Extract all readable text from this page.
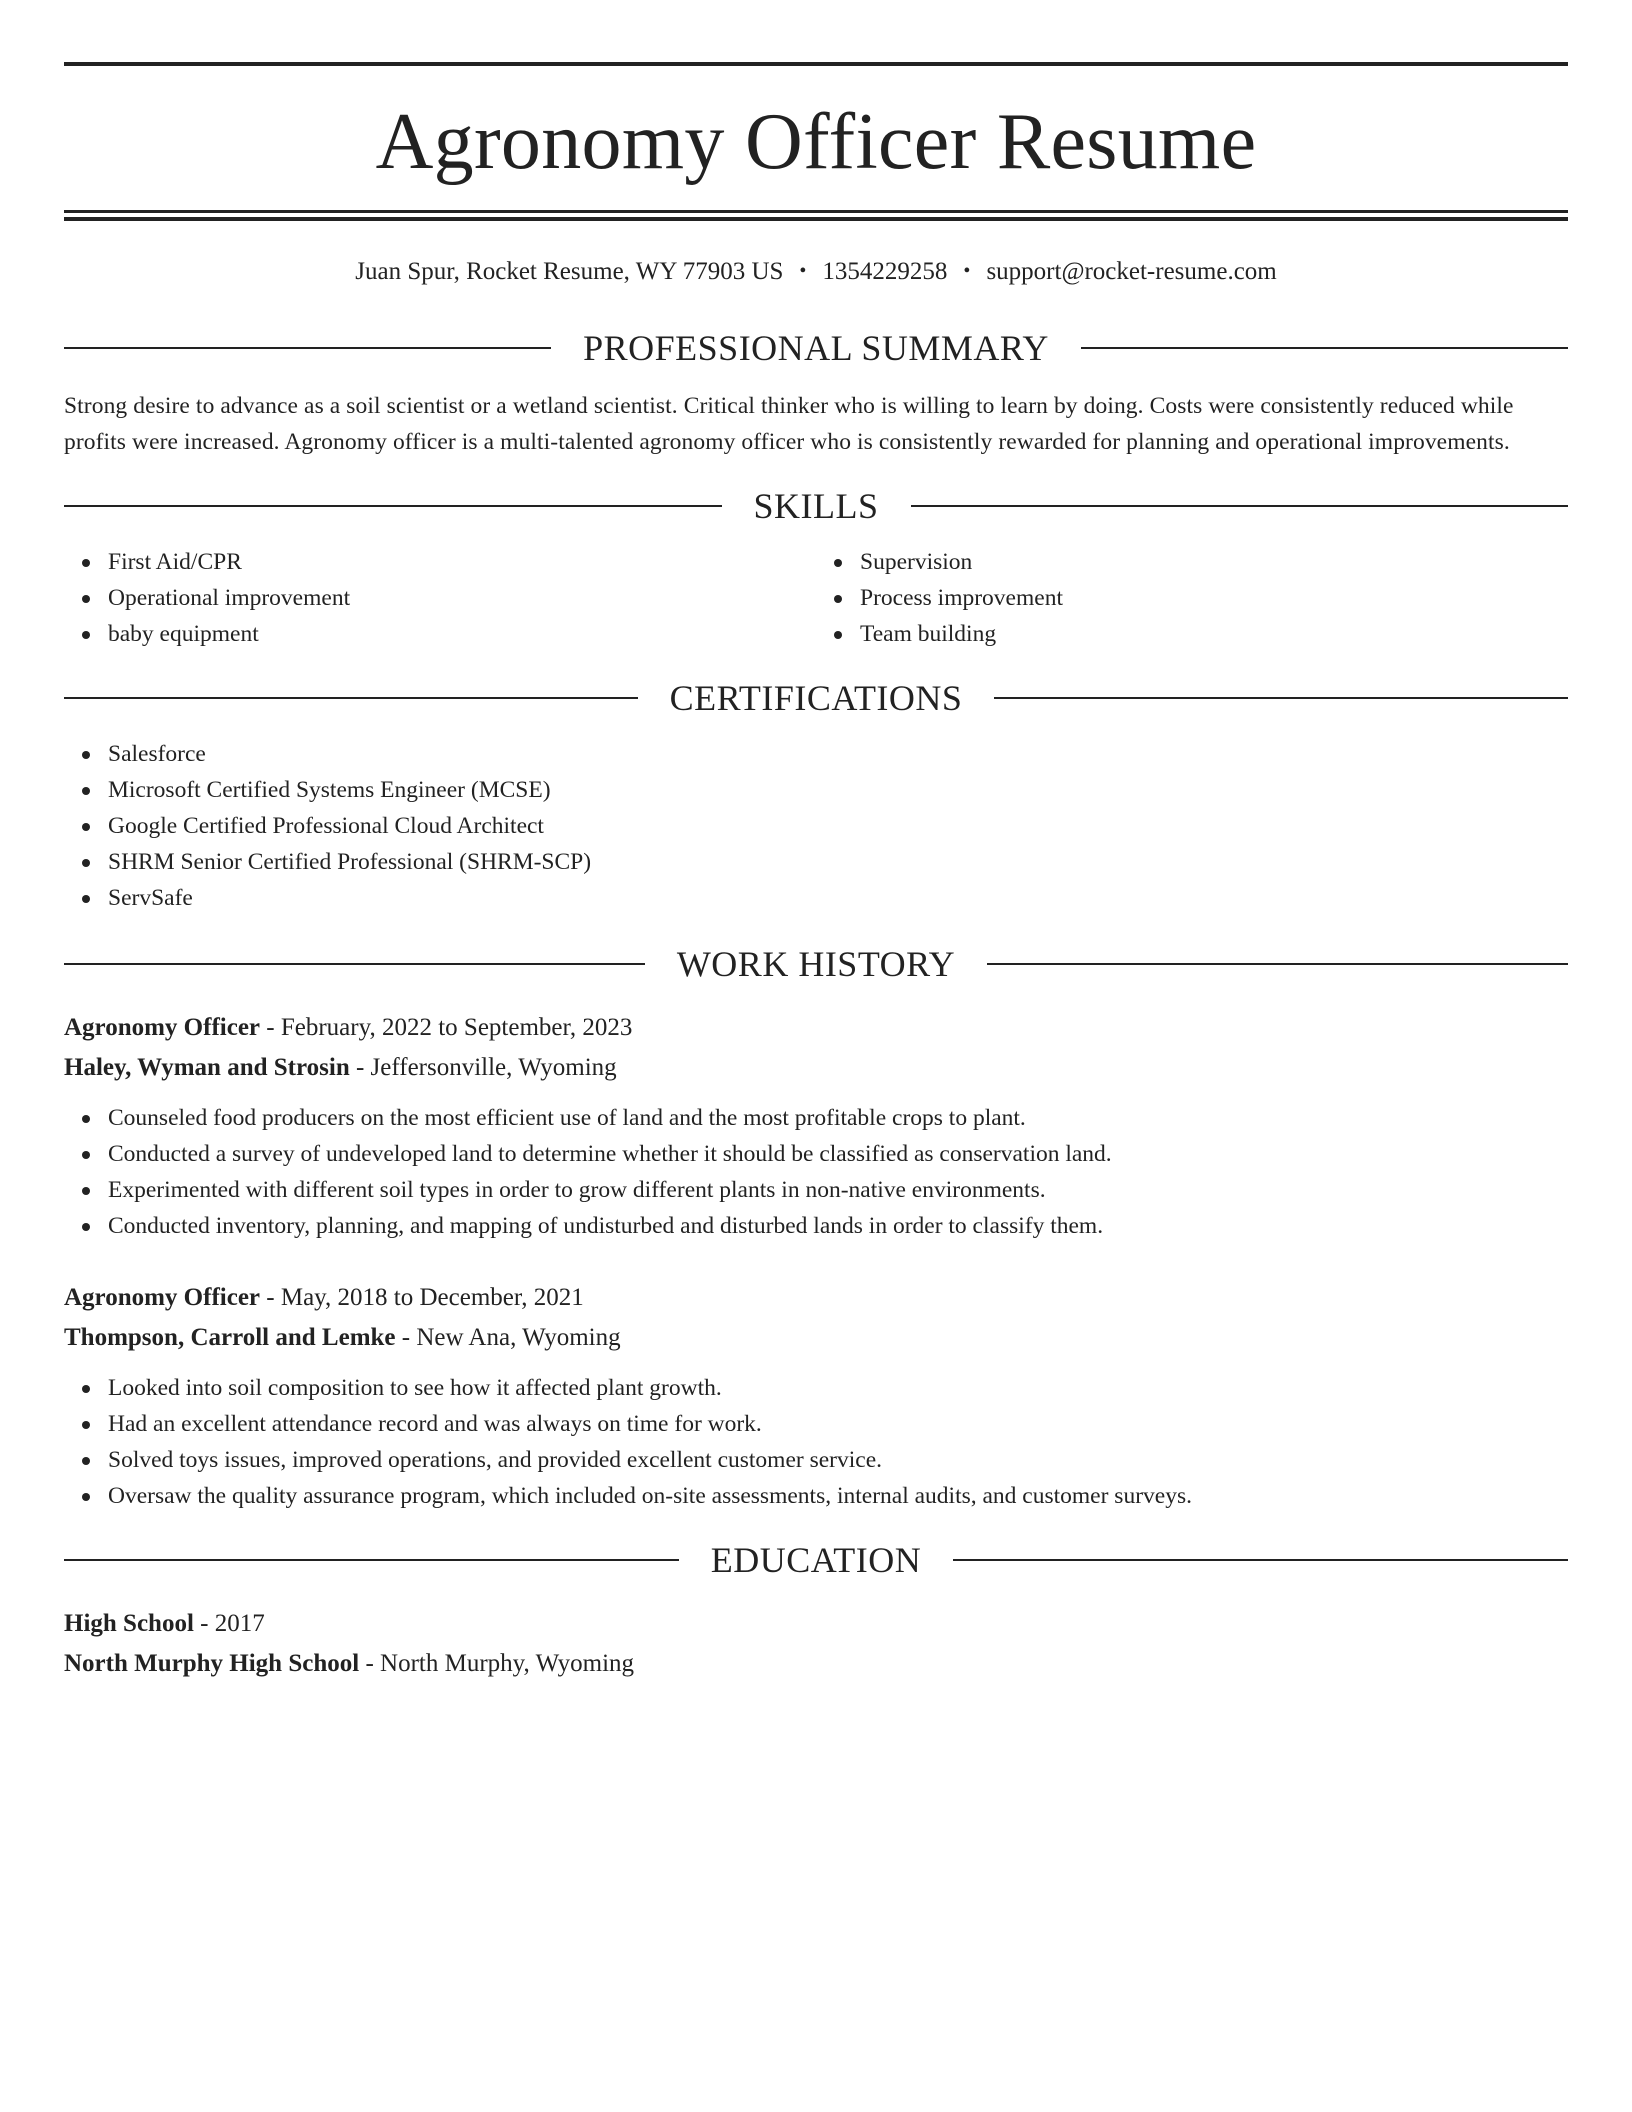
Agronomy Officer Resume
Juan Spur, Rocket Resume, WY 77903 US • 1354229258 • support@rocket-resume.com
PROFESSIONAL SUMMARY
Strong desire to advance as a soil scientist or a wetland scientist. Critical thinker who is willing to learn by doing. Costs were consistently reduced while profits were increased. Agronomy officer is a multi-talented agronomy officer who is consistently rewarded for planning and operational improvements.
SKILLS
First Aid/CPR
Operational improvement
baby equipment
Supervision
Process improvement
Team building
CERTIFICATIONS
Salesforce
Microsoft Certified Systems Engineer (MCSE)
Google Certified Professional Cloud Architect
SHRM Senior Certified Professional (SHRM-SCP)
ServSafe
WORK HISTORY
Agronomy Officer - February, 2022 to September, 2023
Haley, Wyman and Strosin - Jeffersonville, Wyoming
Counseled food producers on the most efficient use of land and the most profitable crops to plant.
Conducted a survey of undeveloped land to determine whether it should be classified as conservation land.
Experimented with different soil types in order to grow different plants in non-native environments.
Conducted inventory, planning, and mapping of undisturbed and disturbed lands in order to classify them.
Agronomy Officer - May, 2018 to December, 2021
Thompson, Carroll and Lemke - New Ana, Wyoming
Looked into soil composition to see how it affected plant growth.
Had an excellent attendance record and was always on time for work.
Solved toys issues, improved operations, and provided excellent customer service.
Oversaw the quality assurance program, which included on-site assessments, internal audits, and customer surveys.
EDUCATION
High School - 2017
North Murphy High School - North Murphy, Wyoming
